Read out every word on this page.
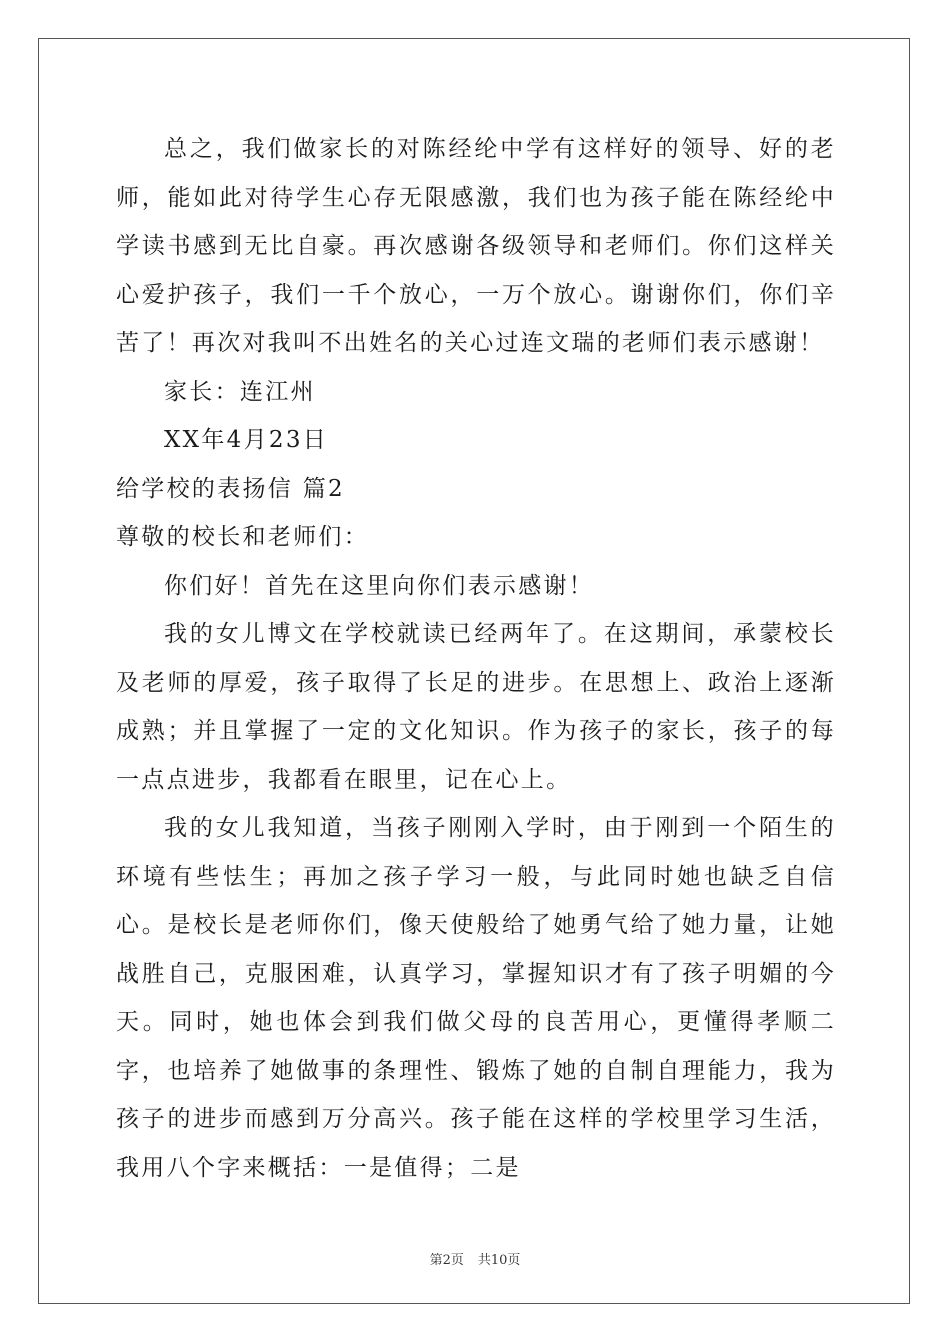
总之，我们做家长的对陈经纶中学有这样好的领导、好的老师，能如此对待学生心存无限感激，我们也为孩子能在陈经纶中学读书感到无比自豪。再次感谢各级领导和老师们。你们这样关心爱护孩子，我们一千个放心，一万个放心。谢谢你们，你们辛苦了！再次对我叫不出姓名的关心过连文瑞的老师们表示感谢！

家长：连江州

XX年4月23日

给学校的表扬信 篇2

尊敬的校长和老师们：

你们好！首先在这里向你们表示感谢！

我的女儿博文在学校就读已经两年了。在这期间，承蒙校长及老师的厚爱，孩子取得了长足的进步。在思想上、政治上逐渐成熟；并且掌握了一定的文化知识。作为孩子的家长，孩子的每一点点进步，我都看在眼里，记在心上。

我的女儿我知道，当孩子刚刚入学时，由于刚到一个陌生的环境有些怯生；再加之孩子学习一般，与此同时她也缺乏自信心。是校长是老师你们，像天使般给了她勇气给了她力量，让她战胜自己，克服困难，认真学习，掌握知识才有了孩子明媚的今天。同时，她也体会到我们做父母的良苦用心，更懂得孝顺二字，也培养了她做事的条理性、锻炼了她的自制自理能力，我为孩子的进步而感到万分高兴。孩子能在这样的学校里学习生活，我用八个字来概括：一是值得；二是

第2页 共10页
